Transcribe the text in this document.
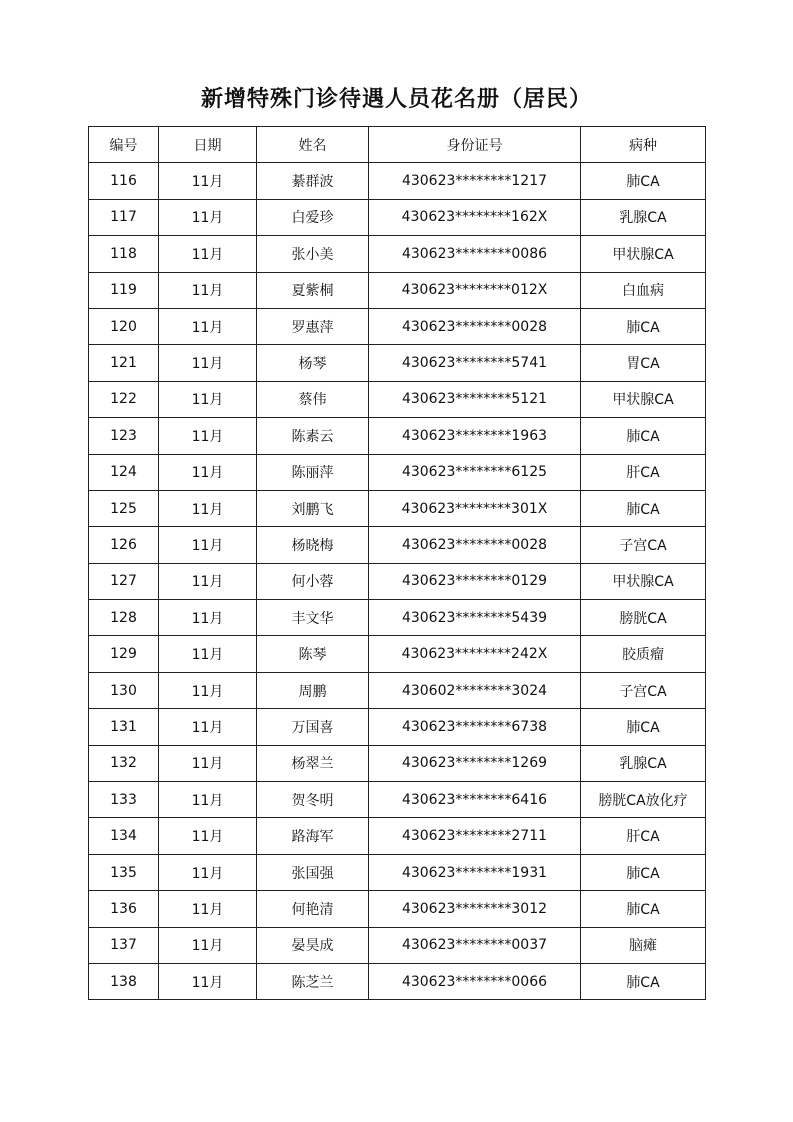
新增特殊门诊待遇人员花名册（居民）
编号	日期	姓名	身份证号	病种
116	11月	綦群波	430623********1217	肺CA
117	11月	白爱珍	430623********162X	乳腺CA
118	11月	张小美	430623********0086	甲状腺CA
119	11月	夏紫桐	430623********012X	白血病
120	11月	罗惠萍	430623********0028	肺CA
121	11月	杨琴	430623********5741	胃CA
122	11月	蔡伟	430623********5121	甲状腺CA
123	11月	陈素云	430623********1963	肺CA
124	11月	陈丽萍	430623********6125	肝CA
125	11月	刘鹏飞	430623********301X	肺CA
126	11月	杨晓梅	430623********0028	子宫CA
127	11月	何小蓉	430623********0129	甲状腺CA
128	11月	丰文华	430623********5439	膀胱CA
129	11月	陈琴	430623********242X	胶质瘤
130	11月	周鹏	430602********3024	子宫CA
131	11月	万国喜	430623********6738	肺CA
132	11月	杨翠兰	430623********1269	乳腺CA
133	11月	贺冬明	430623********6416	膀胱CA放化疗
134	11月	路海军	430623********2711	肝CA
135	11月	张国强	430623********1931	肺CA
136	11月	何艳清	430623********3012	肺CA
137	11月	晏昊成	430623********0037	脑瘫
138	11月	陈芝兰	430623********0066	肺CA
